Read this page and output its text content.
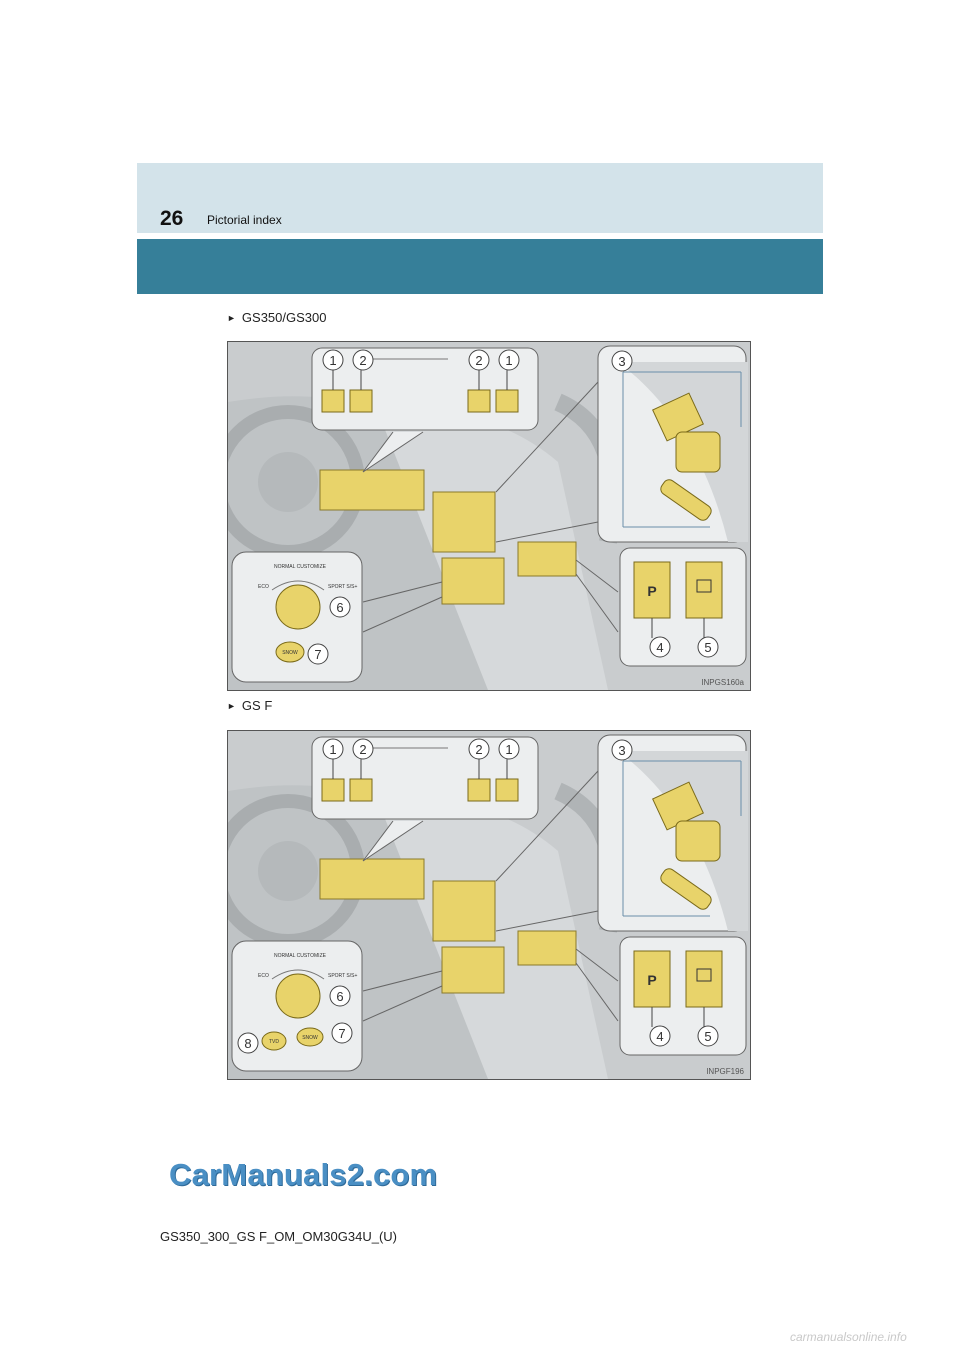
26 Pictorial index
► GS350/GS300
1 2	2 1	3
P
4	5
NORMAL CUSTOMIZE
ECO	SPORT S/S+
SNOW
6
7
INPGS160a
► GS F
1 2	2 1	3
P
4	5
NORMAL CUSTOMIZE
ECO	SPORT S/S+
TVD
SNOW
6
7
8
INPGF196
CarManuals2.com
GS350_300_GS F_OM_OM30G34U_(U)
carmanualsonline.info
